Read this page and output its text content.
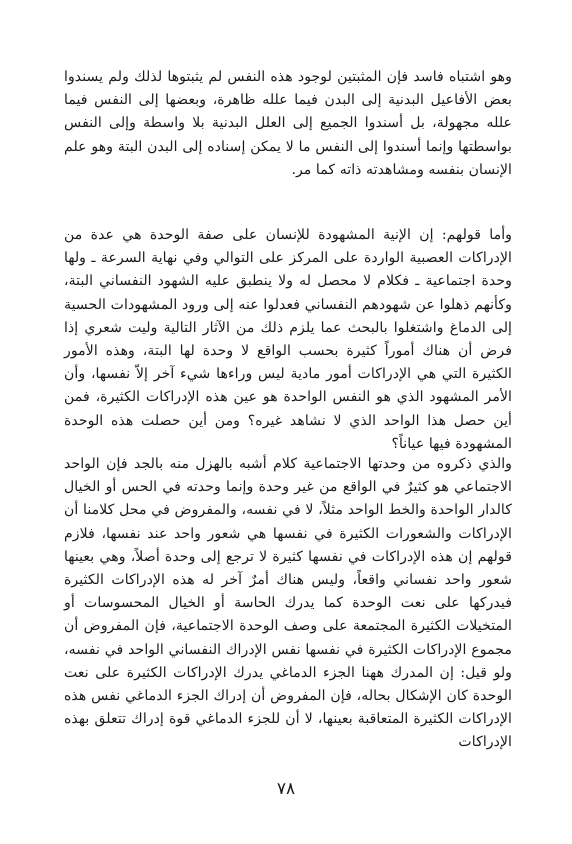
وهو اشتباه فاسد فإن المثبتين لوجود هذه النفس لم يثبتوها لذلك ولم يسندوا بعض الأفاعيل البدنية إلى البدن فيما علله ظاهرة، وبعضها إلى النفس فيما علله مجهولة، بل أسندوا الجميع إلى العلل البدنية بلا واسطة وإلى النفس بواسطتها وإنما أسندوا إلى النفس ما لا يمكن إسناده إلى البدن البتة وهو علم الإنسان بنفسه ومشاهدته ذاته كما مر.

وأما قولهم: إن الإنية المشهودة للإنسان على صفة الوحدة هي عدة من الإدراكات العصبية الواردة على المركز على التوالي وفي نهاية السرعة ـ ولها وحدة اجتماعية ـ فكلام لا محصل له ولا ينطبق عليه الشهود النفساني البتة، وكأنهم ذهلوا عن شهودهم النفساني فعدلوا عنه إلى ورود المشهودات الحسية إلى الدماغ واشتغلوا بالبحث عما يلزم ذلك من الآثار التالية وليت شعري إذا فرض أن هناك أموراً كثيرة بحسب الواقع لا وحدة لها البتة، وهذه الأمور الكثيرة التي هي الإدراكات أمور مادية ليس وراءها شيء آخر إلاّ نفسها، وأن الأمر المشهود الذي هو النفس الواحدة هو عين هذه الإدراكات الكثيرة، فمن أين حصل هذا الواحد الذي لا نشاهد غيره؟ ومن أين حصلت هذه الوحدة المشهودة فيها عياناً؟

والذي ذكروه من وحدتها الاجتماعية كلام أشبه بالهزل منه بالجد فإن الواحد الاجتماعي هو كثيرٌ في الواقع من غير وحدة وإنما وحدته في الحس أو الخيال كالدار الواحدة والخط الواحد مثلاً، لا في نفسه، والمفروض في محل كلامنا أن الإدراكات والشعورات الكثيرة في نفسها هي شعور واحد عند نفسها، فلازم قولهم إن هذه الإدراكات في نفسها كثيرة لا ترجع إلى وحدة أصلاً، وهي بعينها شعور واحد نفساني واقعاً، وليس هناك أمرٌ آخر له هذه الإدراكات الكثيرة فيدركها على نعت الوحدة كما يدرك الحاسة أو الخيال المحسوسات أو المتخيلات الكثيرة المجتمعة على وصف الوحدة الاجتماعية، فإن المفروض أن مجموع الإدراكات الكثيرة في نفسها نفس الإدراك النفساني الواحد في نفسه، ولو قيل: إن المدرك ههنا الجزء الدماغي يدرك الإدراكات الكثيرة على نعت الوحدة كان الإشكال بحاله، فإن المفروض أن إدراك الجزء الدماغي نفس هذه الإدراكات الكثيرة المتعاقبة بعينها، لا أن للجزء الدماغي قوة إدراك تتعلق بهذه الإدراكات

٧٨
